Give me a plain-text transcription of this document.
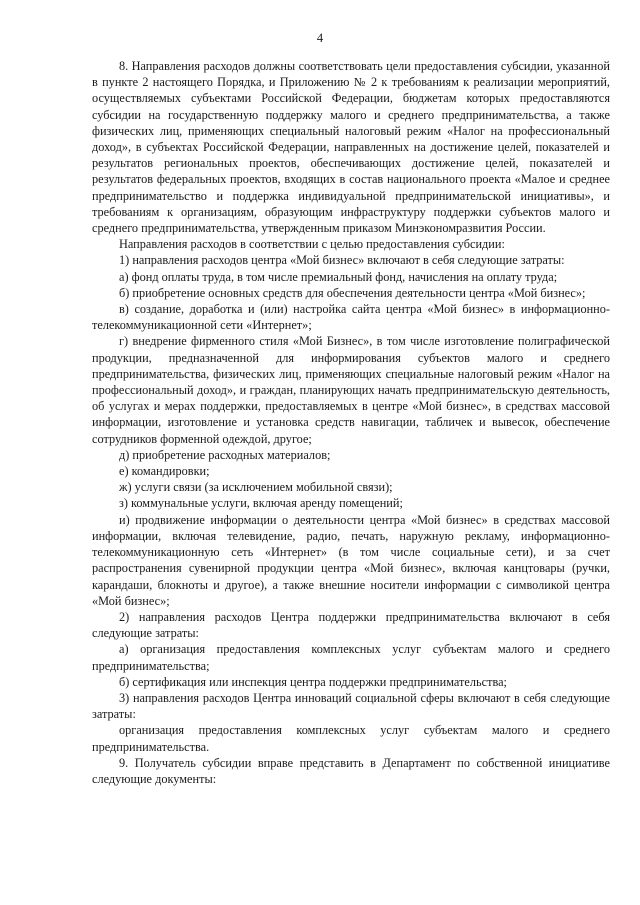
4

8. Направления расходов должны соответствовать цели предоставления субсидии, указанной в пункте 2 настоящего Порядка, и Приложению № 2 к требованиям к реализации мероприятий, осуществляемых субъектами Российской Федерации, бюджетам которых предоставляются субсидии на государственную поддержку малого и среднего предпринимательства, а также физических лиц, применяющих специальный налоговый режим «Налог на профессиональный доход», в субъектах Российской Федерации, направленных на достижение целей, показателей и результатов региональных проектов, обеспечивающих достижение целей, показателей и результатов федеральных проектов, входящих в состав национального проекта «Малое и среднее предпринимательство и поддержка индивидуальной предпринимательской инициативы», и требованиям к организациям, образующим инфраструктуру поддержки субъектов малого и среднего предпринимательства, утвержденным приказом Минэкономразвития России.

Направления расходов в соответствии с целью предоставления субсидии:

1) направления расходов центра «Мой бизнес» включают в себя следующие затраты:

а) фонд оплаты труда, в том числе премиальный фонд, начисления на оплату труда;

б) приобретение основных средств для обеспечения деятельности центра «Мой бизнес»;

в) создание, доработка и (или) настройка сайта центра «Мой бизнес» в информационно-телекоммуникационной сети «Интернет»;

г) внедрение фирменного стиля «Мой Бизнес», в том числе изготовление полиграфической продукции, предназначенной для информирования субъектов малого и среднего предпринимательства, физических лиц, применяющих специальные налоговый режим «Налог на профессиональный доход», и граждан, планирующих начать предпринимательскую деятельность, об услугах и мерах поддержки, предоставляемых в центре «Мой бизнес», в средствах массовой информации, изготовление и установка средств навигации, табличек и вывесок, обеспечение сотрудников форменной одеждой, другое;

д) приобретение расходных материалов;

е) командировки;

ж) услуги связи (за исключением мобильной связи);

з) коммунальные услуги, включая аренду помещений;

и) продвижение информации о деятельности центра «Мой бизнес» в средствах массовой информации, включая телевидение, радио, печать, наружную рекламу, информационно-телекоммуникационную сеть «Интернет» (в том числе социальные сети), и за счет распространения сувенирной продукции центра «Мой бизнес», включая канцтовары (ручки, карандаши, блокноты и другое), а также внешние носители информации с символикой центра «Мой бизнес»;

2) направления расходов Центра поддержки предпринимательства включают в себя следующие затраты:

а) организация предоставления комплексных услуг субъектам малого и среднего предпринимательства;

б) сертификация или инспекция центра поддержки предпринимательства;

3) направления расходов Центра инноваций социальной сферы включают в себя следующие затраты:

организация предоставления комплексных услуг субъектам малого и среднего предпринимательства.

9. Получатель субсидии вправе представить в Департамент по собственной инициативе следующие документы:
